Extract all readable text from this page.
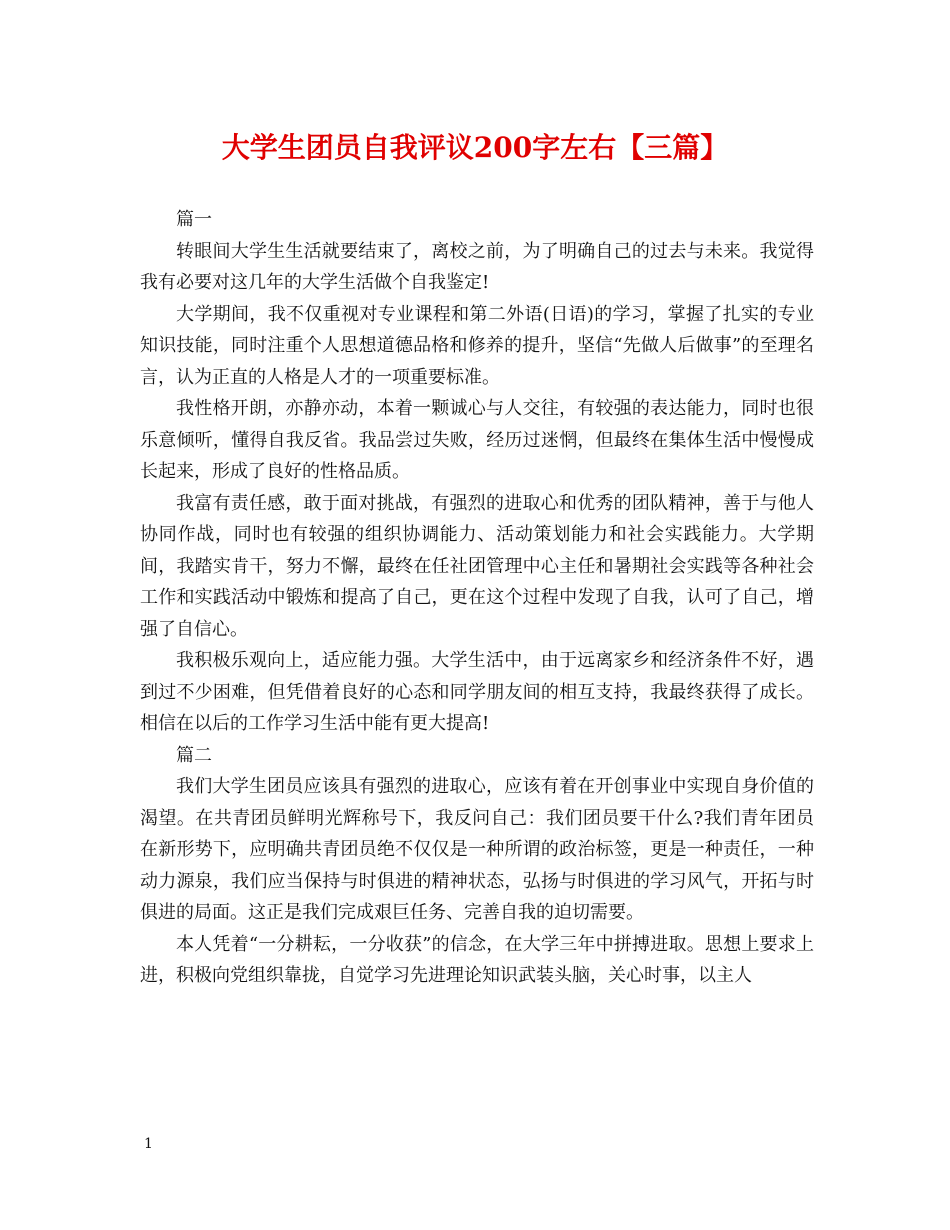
大学生团员自我评议200字左右【三篇】

篇一

转眼间大学生生活就要结束了，离校之前，为了明确自己的过去与未来。我觉得我有必要对这几年的大学生活做个自我鉴定!

大学期间，我不仅重视对专业课程和第二外语(日语)的学习，掌握了扎实的专业知识技能，同时注重个人思想道德品格和修养的提升，坚信“先做人后做事”的至理名言，认为正直的人格是人才的一项重要标准。

我性格开朗，亦静亦动，本着一颗诚心与人交往，有较强的表达能力，同时也很乐意倾听，懂得自我反省。我品尝过失败，经历过迷惘，但最终在集体生活中慢慢成长起来，形成了良好的性格品质。

我富有责任感，敢于面对挑战，有强烈的进取心和优秀的团队精神，善于与他人协同作战，同时也有较强的组织协调能力、活动策划能力和社会实践能力。大学期间，我踏实肯干，努力不懈，最终在任社团管理中心主任和暑期社会实践等各种社会工作和实践活动中锻炼和提高了自己，更在这个过程中发现了自我，认可了自己，增强了自信心。

我积极乐观向上，适应能力强。大学生活中，由于远离家乡和经济条件不好，遇到过不少困难，但凭借着良好的心态和同学朋友间的相互支持，我最终获得了成长。相信在以后的工作学习生活中能有更大提高!

篇二

我们大学生团员应该具有强烈的进取心，应该有着在开创事业中实现自身价值的渴望。在共青团员鲜明光辉称号下，我反问自己：我们团员要干什么?我们青年团员在新形势下，应明确共青团员绝不仅仅是一种所谓的政治标签，更是一种责任，一种动力源泉，我们应当保持与时俱进的精神状态，弘扬与时俱进的学习风气，开拓与时俱进的局面。这正是我们完成艰巨任务、完善自我的迫切需要。

本人凭着“一分耕耘，一分收获”的信念，在大学三年中拼搏进取。思想上要求上进，积极向党组织靠拢，自觉学习先进理论知识武装头脑，关心时事，以主人

1
